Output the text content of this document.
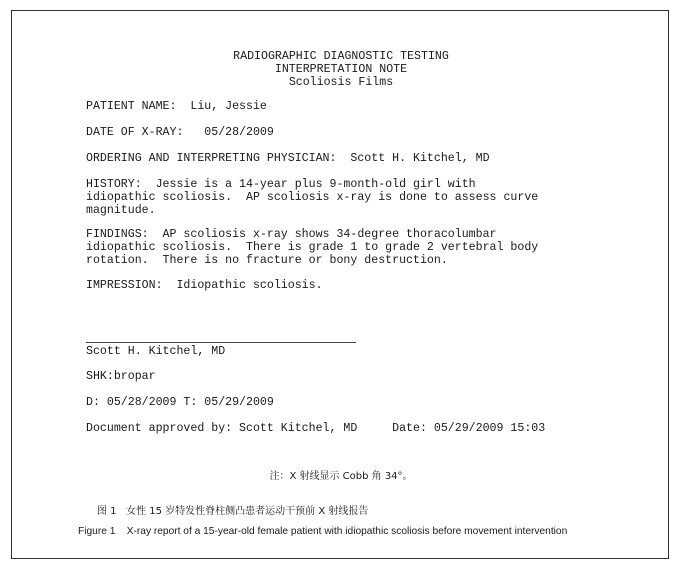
RADIOGRAPHIC DIAGNOSTIC TESTING

INTERPRETATION NOTE

Scoliosis Films

PATIENT NAME:  Liu, Jessie

DATE OF X-RAY:   05/28/2009

ORDERING AND INTERPRETING PHYSICIAN:  Scott H. Kitchel, MD

HISTORY:  Jessie is a 14-year plus 9-month-old girl with

idiopathic scoliosis.  AP scoliosis x-ray is done to assess curve

magnitude.

FINDINGS:  AP scoliosis x-ray shows 34-degree thoracolumbar

idiopathic scoliosis.  There is grade 1 to grade 2 vertebral body

rotation.  There is no fracture or bony destruction.

IMPRESSION:  Idiopathic scoliosis.

Scott H. Kitchel, MD

SHK:bropar

D: 05/28/2009 T: 05/29/2009

Document approved by: Scott Kitchel, MD     Date: 05/29/2009 15:03

注：X 射线显示 Cobb 角 34°。

图 1   女性 15 岁特发性脊柱侧凸患者运动干预前 X 射线报告

Figure 1    X-ray report of a 15-year-old female patient with idiopathic scoliosis before movement intervention
